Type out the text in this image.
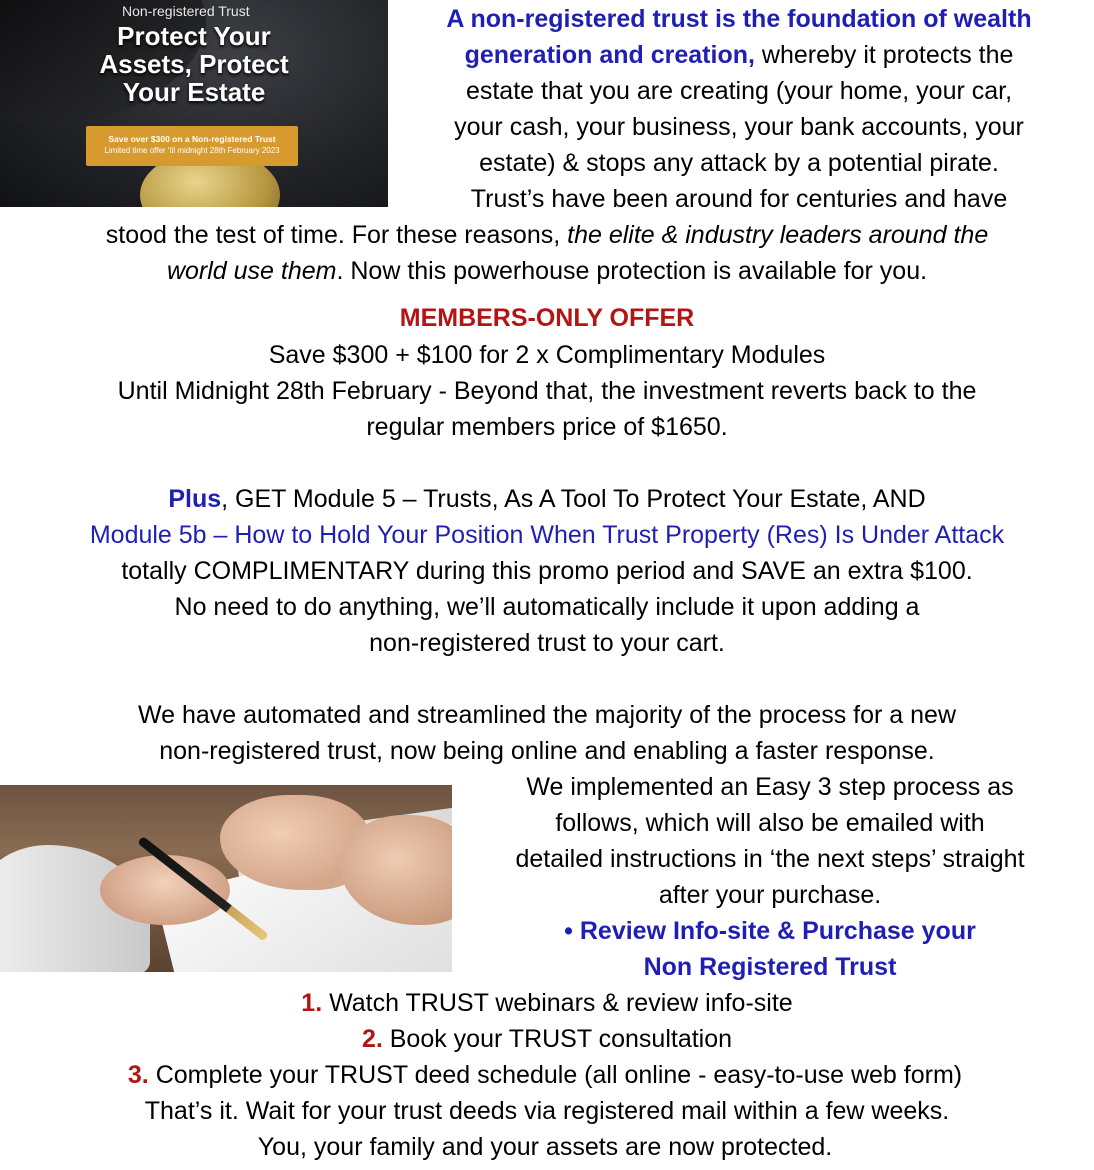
Non-registered Trust
Protect Your
Assets, Protect
Your Estate
Save over $300 on a Non-registered Trust
Limited time offer 'til midnight 28th February 2023
A non-registered trust is the foundation of wealth
generation and creation, whereby it protects the
estate that you are creating (your home, your car,
your cash, your business, your bank accounts, your
estate) & stops any attack by a potential pirate.
Trust’s have been around for centuries and have
stood the test of time. For these reasons, the elite & industry leaders around the
world use them. Now this powerhouse protection is available for you.
MEMBERS-ONLY OFFER
Save $300 + $100 for 2 x Complimentary Modules
Until Midnight 28th February - Beyond that, the investment reverts back to the
regular members price of $1650.
Plus, GET Module 5 – Trusts, As A Tool To Protect Your Estate, AND
Module 5b – How to Hold Your Position When Trust Property (Res) Is Under Attack
totally COMPLIMENTARY during this promo period and SAVE an extra $100.
No need to do anything, we’ll automatically include it upon adding a
non-registered trust to your cart.
We have automated and streamlined the majority of the process for a new
non-registered trust, now being online and enabling a faster response.
We implemented an Easy 3 step process as
follows, which will also be emailed with
detailed instructions in ‘the next steps’ straight
after your purchase.
• Review Info-site & Purchase your
Non Registered Trust
1. Watch TRUST webinars & review info-site
2. Book your TRUST consultation
3. Complete your TRUST deed schedule (all online - easy-to-use web form)
That’s it. Wait for your trust deeds via registered mail within a few weeks.
You, your family and your assets are now protected.
